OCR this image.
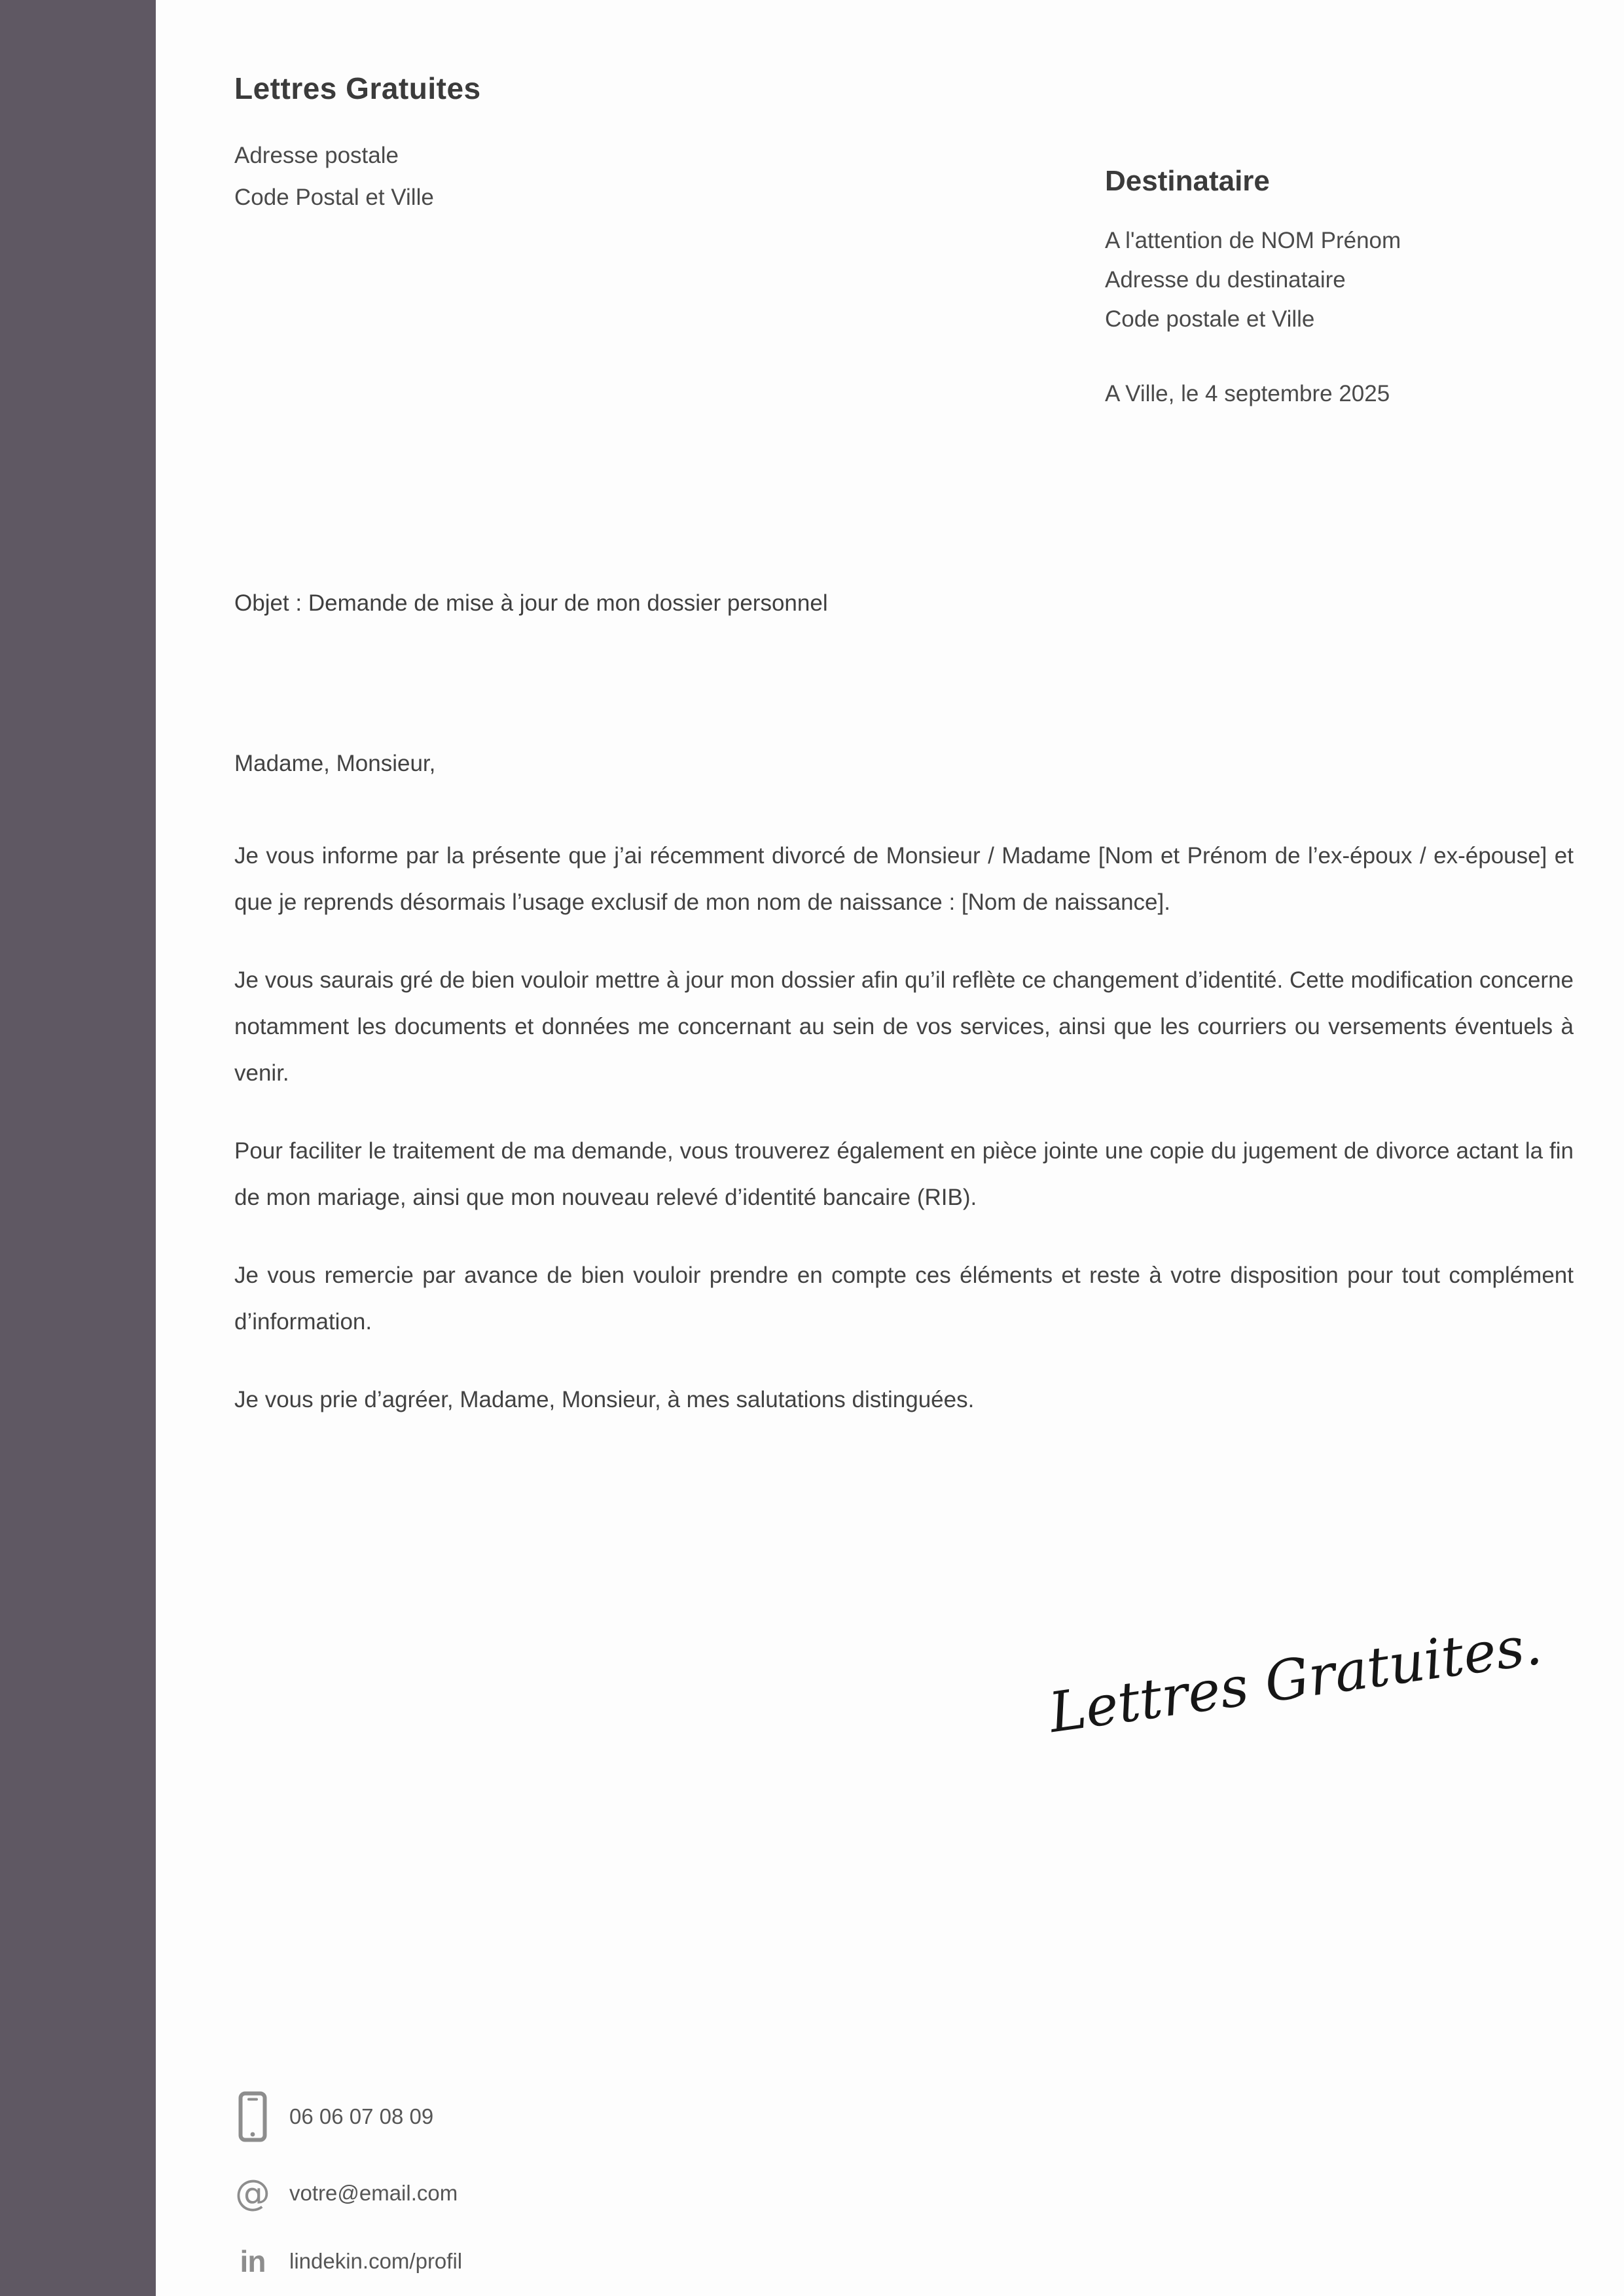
Lettres Gratuites
Adresse postale
Code Postal et Ville
Destinataire
A l'attention de NOM Prénom
Adresse du destinataire
Code postale et Ville
A Ville, le 4 septembre 2025

Objet : Demande de mise à jour de mon dossier personnel

Madame, Monsieur,

Je vous informe par la présente que j’ai récemment divorcé de Monsieur / Madame [Nom et Prénom de l’ex-époux / ex-épouse] et que je reprends désormais l’usage exclusif de mon nom de naissance : [Nom de naissance].

Je vous saurais gré de bien vouloir mettre à jour mon dossier afin qu’il reflète ce changement d’identité. Cette modification concerne notamment les documents et données me concernant au sein de vos services, ainsi que les courriers ou versements éventuels à venir.

Pour faciliter le traitement de ma demande, vous trouverez également en pièce jointe une copie du jugement de divorce actant la fin de mon mariage, ainsi que mon nouveau relevé d’identité bancaire (RIB).

Je vous remercie par avance de bien vouloir prendre en compte ces éléments et reste à votre disposition pour tout complément d’information.

Je vous prie d’agréer, Madame, Monsieur, à mes salutations distinguées.

Lettres Gratuites.
06 06 07 08 09
@ votre@email.com
in lindekin.com/profil
